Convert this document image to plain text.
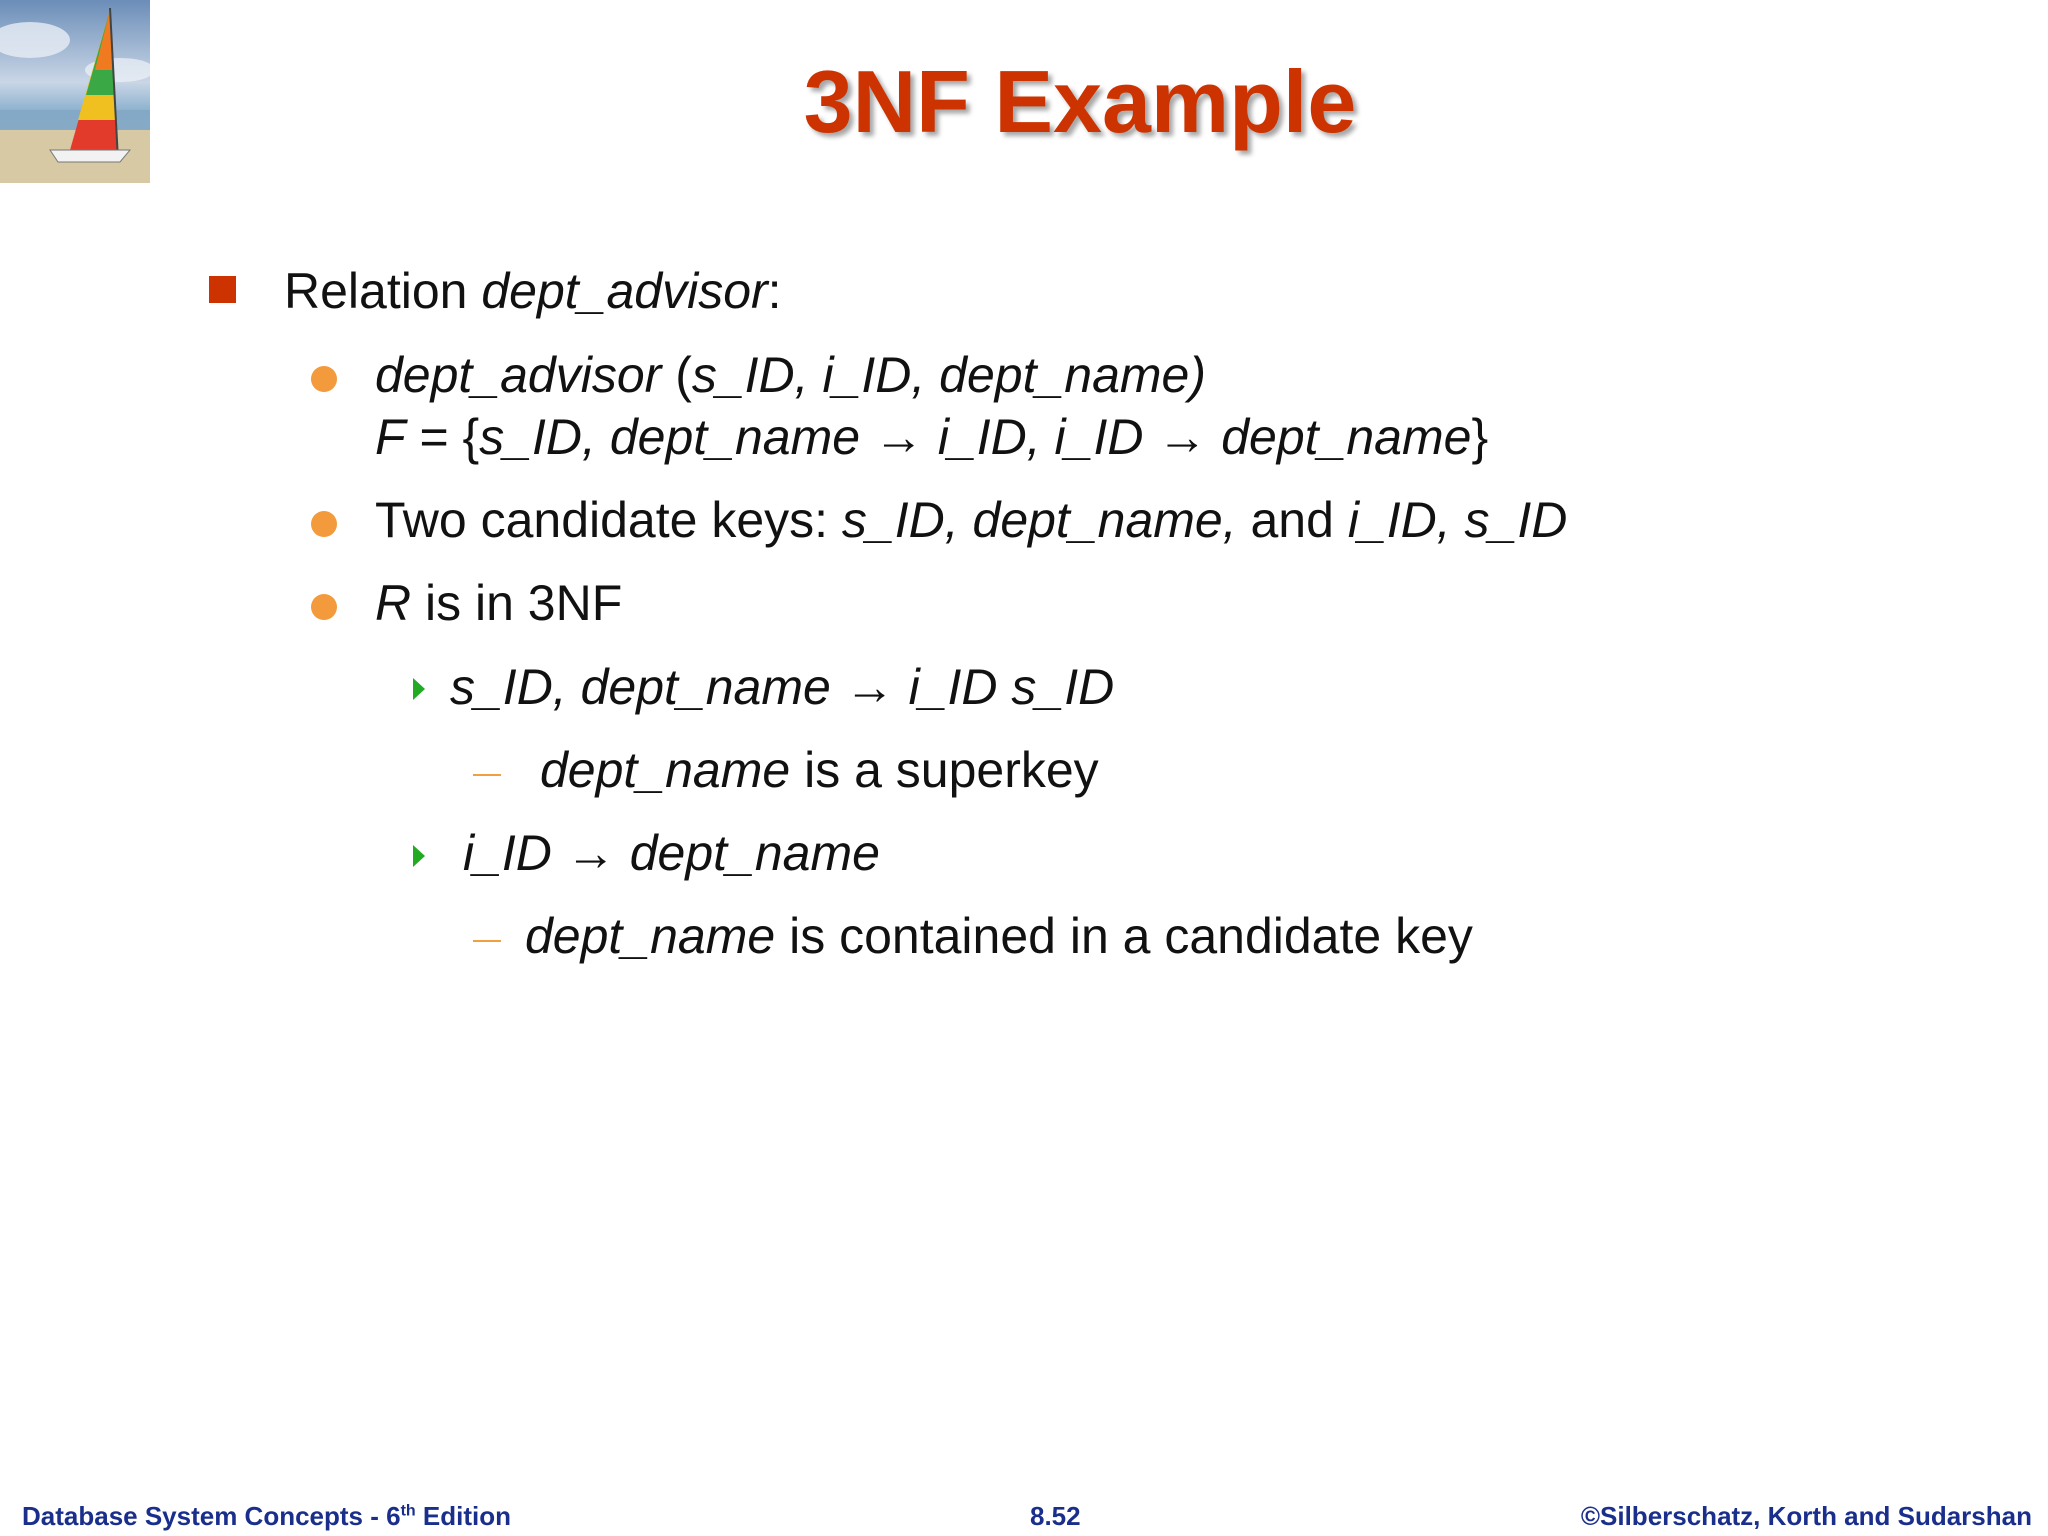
3NF Example
Relation dept_advisor:
dept_advisor (s_ID, i_ID, dept_name)
F = {s_ID, dept_name → i_ID, i_ID → dept_name}
Two candidate keys: s_ID, dept_name, and i_ID, s_ID
R is in 3NF
s_ID, dept_name → i_ID s_ID
dept_name is a superkey
i_ID → dept_name
dept_name is contained in a candidate key
Database System Concepts - 6th Edition	8.52	©Silberschatz, Korth and Sudarshan
